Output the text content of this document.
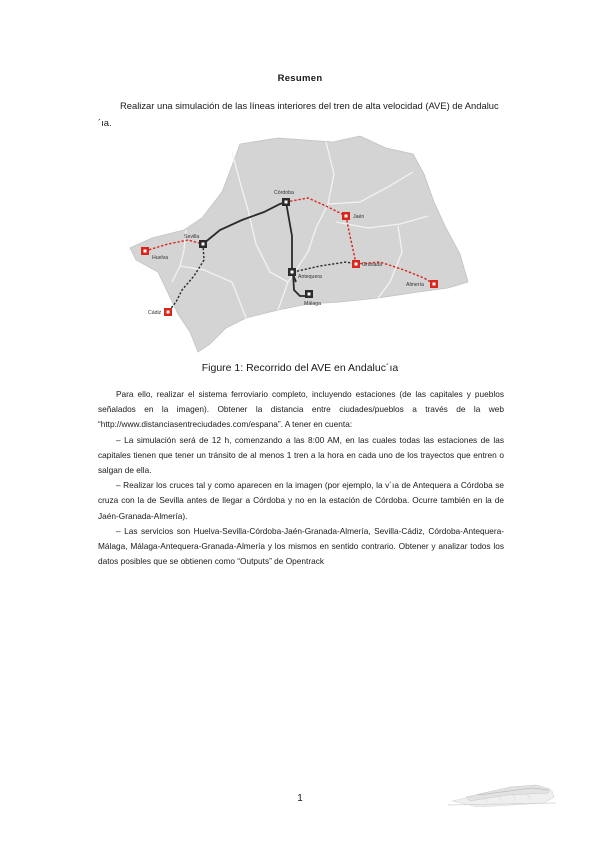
Resumen
Realizar una simulación de las líneas interiores del tren de alta velocidad (AVE) de Andaluc´ıa.
Córdoba
Jaén
Sevilla
Huelva
Granada
Antequera
Málaga
Almería
Cádiz
Figure 1: Recorrido del AVE en Andaluc´ıa

Para ello, realizar el sistema ferroviario completo, incluyendo estaciones (de las capitales y pueblos señalados en la imagen). Obtener la distancia entre ciudades/pueblos a través de la web “http://www.distanciasentreciudades.com/espana”. A tener en cuenta:

– La simulación será de 12 h, comenzando a las 8:00 AM, en las cuales todas las estaciones de las capitales tienen que tener un tránsito de al menos 1 tren a la hora en cada uno de los trayectos que entren o salgan de ella.

– Realizar los cruces tal y como aparecen en la imagen (por ejemplo, la v´ıa de Antequera a Córdoba se cruza con la de Sevilla antes de llegar a Córdoba y no en la estación de Córdoba. Ocurre también en la de Jaén-Granada-Almería).

– Las servicios son Huelva-Sevilla-Córdoba-Jaén-Granada-Almería, Sevilla-Cádiz, Córdoba-Antequera-Málaga, Málaga-Antequera-Granada-Almería y los mismos en sentido contrario. Obtener y analizar todos los datos posibles que se obtienen como “Outputs” de Opentrack

1
